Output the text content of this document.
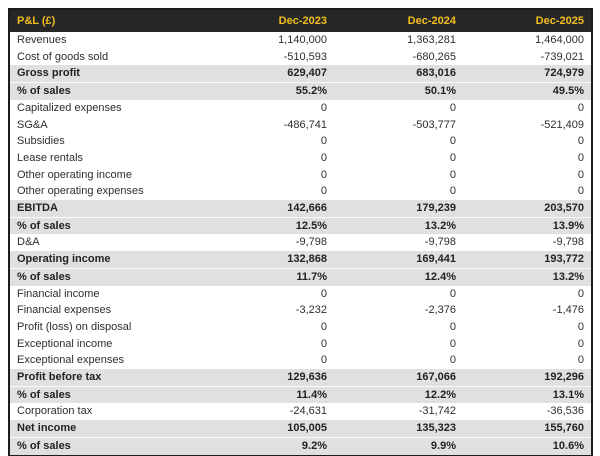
P&L (£)	Dec-2023	Dec-2024	Dec-2025
Revenues	1,140,000	1,363,281	1,464,000
Cost of goods sold	-510,593	-680,265	-739,021
Gross profit	629,407	683,016	724,979
% of sales	55.2%	50.1%	49.5%
Capitalized expenses	0	0	0
SG&A	-486,741	-503,777	-521,409
Subsidies	0	0	0
Lease rentals	0	0	0
Other operating income	0	0	0
Other operating expenses	0	0	0
EBITDA	142,666	179,239	203,570
% of sales	12.5%	13.2%	13.9%
D&A	-9,798	-9,798	-9,798
Operating income	132,868	169,441	193,772
% of sales	11.7%	12.4%	13.2%
Financial income	0	0	0
Financial expenses	-3,232	-2,376	-1,476
Profit (loss) on disposal	0	0	0
Exceptional income	0	0	0
Exceptional expenses	0	0	0
Profit before tax	129,636	167,066	192,296
% of sales	11.4%	12.2%	13.1%
Corporation tax	-24,631	-31,742	-36,536
Net income	105,005	135,323	155,760
% of sales	9.2%	9.9%	10.6%
